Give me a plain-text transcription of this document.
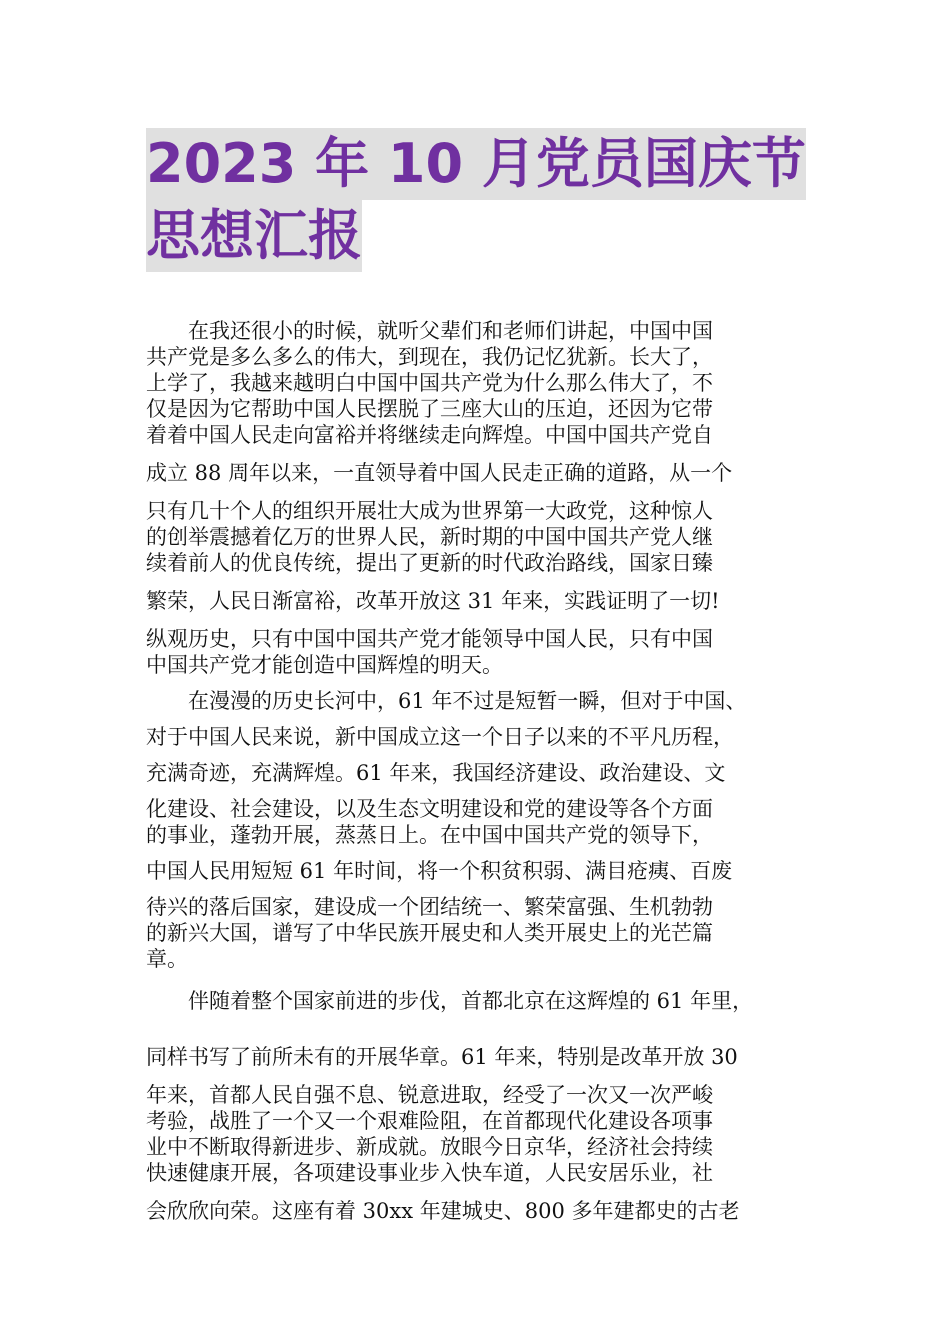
2023 年 10 月党员国庆节
思想汇报
　　在我还很小的时候，就听父辈们和老师们讲起，中国中国
共产党是多么多么的伟大，到现在，我仍记忆犹新。长大了，
上学了，我越来越明白中国中国共产党为什么那么伟大了，不
仅是因为它帮助中国人民摆脱了三座大山的压迫，还因为它带
着着中国人民走向富裕并将继续走向辉煌。中国中国共产党自
成立 88 周年以来，一直领导着中国人民走正确的道路，从一个
只有几十个人的组织开展壮大成为世界第一大政党，这种惊人
的创举震撼着亿万的世界人民，新时期的中国中国共产党人继
续着前人的优良传统，提出了更新的时代政治路线，国家日臻
繁荣，人民日渐富裕，改革开放这 31 年来，实践证明了一切!
纵观历史，只有中国中国共产党才能领导中国人民，只有中国
中国共产党才能创造中国辉煌的明天。
　　在漫漫的历史长河中，61 年不过是短暂一瞬，但对于中国、
对于中国人民来说，新中国成立这一个日子以来的不平凡历程，
充满奇迹，充满辉煌。61 年来，我国经济建设、政治建设、文
化建设、社会建设，以及生态文明建设和党的建设等各个方面
的事业，蓬勃开展，蒸蒸日上。在中国中国共产党的领导下，
中国人民用短短 61 年时间，将一个积贫积弱、满目疮痍、百废
待兴的落后国家，建设成一个团结统一、繁荣富强、生机勃勃
的新兴大国，谱写了中华民族开展史和人类开展史上的光芒篇
章。
　　伴随着整个国家前进的步伐，首都北京在这辉煌的 61 年里，
同样书写了前所未有的开展华章。61 年来，特别是改革开放 30
年来，首都人民自强不息、锐意进取，经受了一次又一次严峻
考验，战胜了一个又一个艰难险阻，在首都现代化建设各项事
业中不断取得新进步、新成就。放眼今日京华，经济社会持续
快速健康开展，各项建设事业步入快车道，人民安居乐业，社
会欣欣向荣。这座有着 30xx 年建城史、800 多年建都史的古老
